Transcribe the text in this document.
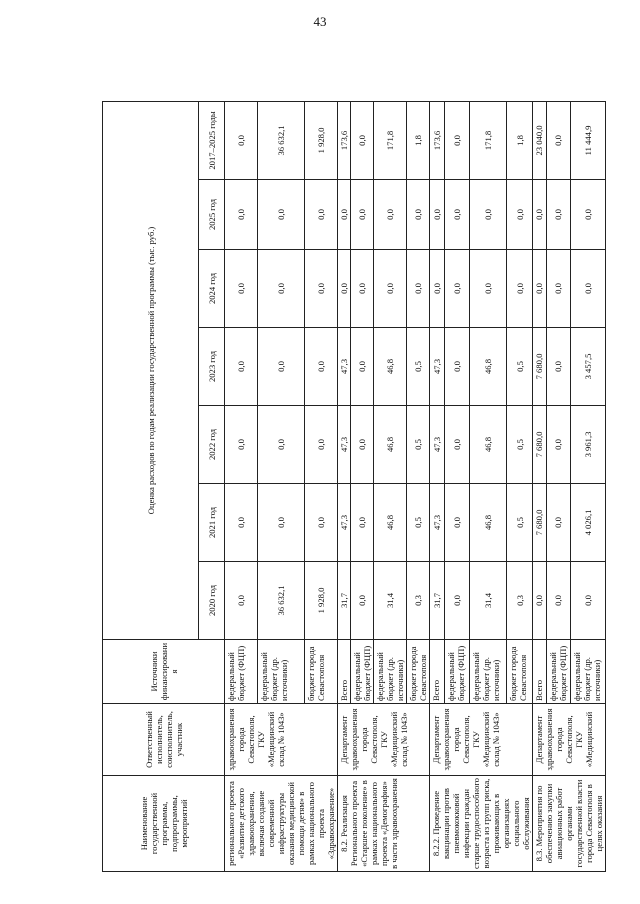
43
Наименование государственной программы, подпрограммы, мероприятий	Ответственный исполнитель, соисполнитель, участник	Источники финансирования	Оценка расходов по годам реализации государственной программы (тыс. руб.)						
			2020 год	2021 год	2022 год	2023 год	2024 год	2025 год	2017–2025 годы
регионального проекта «Развитие детского здравоохранения, включая создание современной инфраструктуры оказания медицинской помощи детям» в рамках национального проекта «Здравоохранение»	здравоохранения города Севастополя, ГКУ «Медицинский склад № 1043»	федеральный бюджет (ФЦП)	0,0	0,0	0,0	0,0	0,0	0,0	0,0
		федеральный бюджет (др. источники)	36 632,1	0,0	0,0	0,0	0,0	0,0	36 632,1
		бюджет города Севастополя	1 928,0	0,0	0,0	0,0	0,0	0,0	1 928,0
8.2. Реализация Регионального проекта «Старшее поколение» в рамках национального проекта «Демография» в части здравоохранения	Департамент здравоохранения города Севастополя, ГКУ «Медицинский склад № 1043»	Всего	31,7	47,3	47,3	47,3	0,0	0,0	173,6
		федеральный бюджет (ФЦП)	0,0	0,0	0,0	0,0	0,0	0,0	0,0
		федеральный бюджет (др. источники)	31,4	46,8	46,8	46,8	0,0	0,0	171,8
		бюджет города Севастополя	0,3	0,5	0,5	0,5	0,0	0,0	1,8
8.2.2. Проведение вакцинации против пневмококковой инфекции граждан старше трудоспособного возраста из групп риска, проживающих в организациях социального обслуживания	Департамент здравоохранения города Севастополя, ГКУ «Медицинский склад № 1043»	Всего	31,7	47,3	47,3	47,3	0,0	0,0	173,6
		федеральный бюджет (ФЦП)	0,0	0,0	0,0	0,0	0,0	0,0	0,0
		федеральный бюджет (др. источники)	31,4	46,8	46,8	46,8	0,0	0,0	171,8
		бюджет города Севастополя	0,3	0,5	0,5	0,5	0,0	0,0	1,8
8.3. Мероприятия по обеспечению закупки авиационных работ органами государственной власти города Севастополя в целях оказания	Департамент здравоохранения города Севастополя, ГКУ «Медицинский	Всего	0,0	7 680,0	7 680,0	7 680,0	0,0	0,0	23 040,0
		федеральный бюджет (ФЦП)	0,0	0,0	0,0	0,0	0,0	0,0	0,0
		федеральный бюджет (др. источники)	0,0	4 026,1	3 961,3	3 457,5	0,0	0,0	11 444,9
